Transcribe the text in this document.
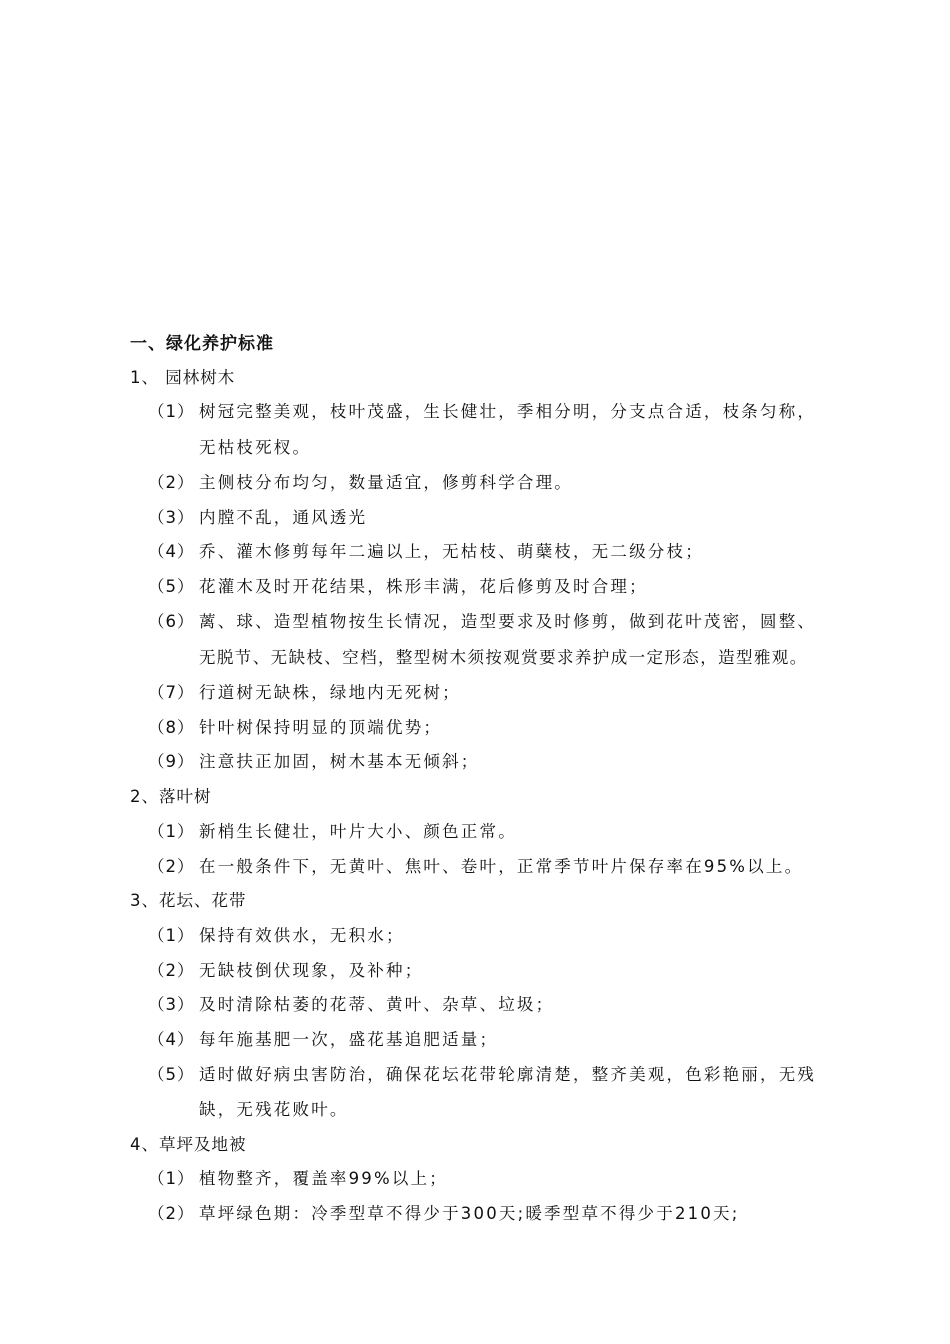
一、绿化养护标准
1、 园林树木
（1） 树冠完整美观，枝叶茂盛，生长健壮，季相分明，分支点合适，枝条匀称，
无枯枝死杈。
（2） 主侧枝分布均匀，数量适宜，修剪科学合理。
（3） 内膛不乱，通风透光
（4） 乔、灌木修剪每年二遍以上，无枯枝、萌蘖枝，无二级分枝；
（5） 花灌木及时开花结果，株形丰满，花后修剪及时合理；
（6） 蓠、球、造型植物按生长情况，造型要求及时修剪，做到花叶茂密，圆整、
无脱节、无缺枝、空档，整型树木须按观赏要求养护成一定形态，造型雅观。
（7） 行道树无缺株，绿地内无死树；
（8） 针叶树保持明显的顶端优势；
（9） 注意扶正加固，树木基本无倾斜；
2、落叶树
（1） 新梢生长健壮，叶片大小、颜色正常。
（2） 在一般条件下，无黄叶、焦叶、卷叶，正常季节叶片保存率在95%以上。
3、花坛、花带
（1） 保持有效供水，无积水；
（2） 无缺枝倒伏现象，及补种；
（3） 及时清除枯萎的花蒂、黄叶、杂草、垃圾；
（4） 每年施基肥一次，盛花基追肥适量；
（5） 适时做好病虫害防治，确保花坛花带轮廓清楚，整齐美观，色彩艳丽，无残
缺，无残花败叶。
4、草坪及地被
（1） 植物整齐，覆盖率99%以上；
（2） 草坪绿色期：冷季型草不得少于300天;暖季型草不得少于210天;
